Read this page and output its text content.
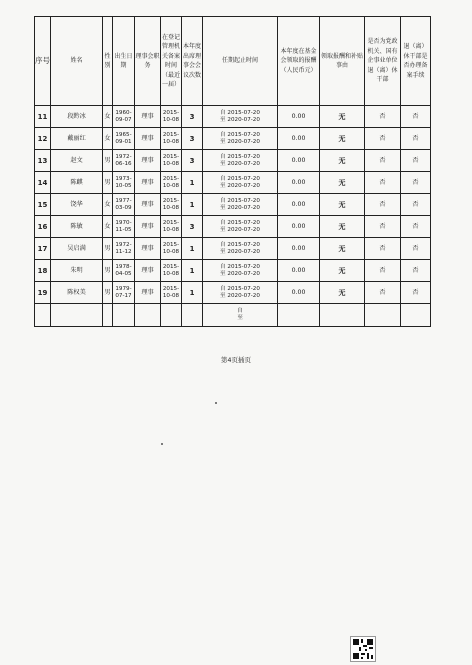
序号	姓名	性别	出生日期	理事会职务	在登记管理机关备案时间（最近一届）	本年度出席理事会会议次数	任期起止时间	本年度在基金会领取的报酬（人民币元）	领取报酬和补贴事由	是否为党政机关、国有企事业单位退（离）休干部	退（离）休干部是否办理备案手续
11	段黔冰	女	1960-09-07	理事	2015-10-08	3	自 2015-07-20
至 2020-07-20	0.00	无	否	否
12	戴丽红	女	1965-09-01	理事	2015-10-08	3	自 2015-07-20
至 2020-07-20	0.00	无	否	否
13	赵文	男	1972-06-16	理事	2015-10-08	3	自 2015-07-20
至 2020-07-20	0.00	无	否	否
14	陈麒	男	1973-10-05	理事	2015-10-08	1	自 2015-07-20
至 2020-07-20	0.00	无	否	否
15	饶华	女	1977-03-09	理事	2015-10-08	1	自 2015-07-20
至 2020-07-20	0.00	无	否	否
16	陈敏	女	1970-11-05	理事	2015-10-08	3	自 2015-07-20
至 2020-07-20	0.00	无	否	否
17	吴启满	男	1972-11-12	理事	2015-10-08	1	自 2015-07-20
至 2020-07-20	0.00	无	否	否
18	朱明	男	1978-04-05	理事	2015-10-08	1	自 2015-07-20
至 2020-07-20	0.00	无	否	否
19	陈权美	男	1979-07-17	理事	2015-10-08	1	自 2015-07-20
至 2020-07-20	0.00	无	否	否

							自
至				

第4页插页
